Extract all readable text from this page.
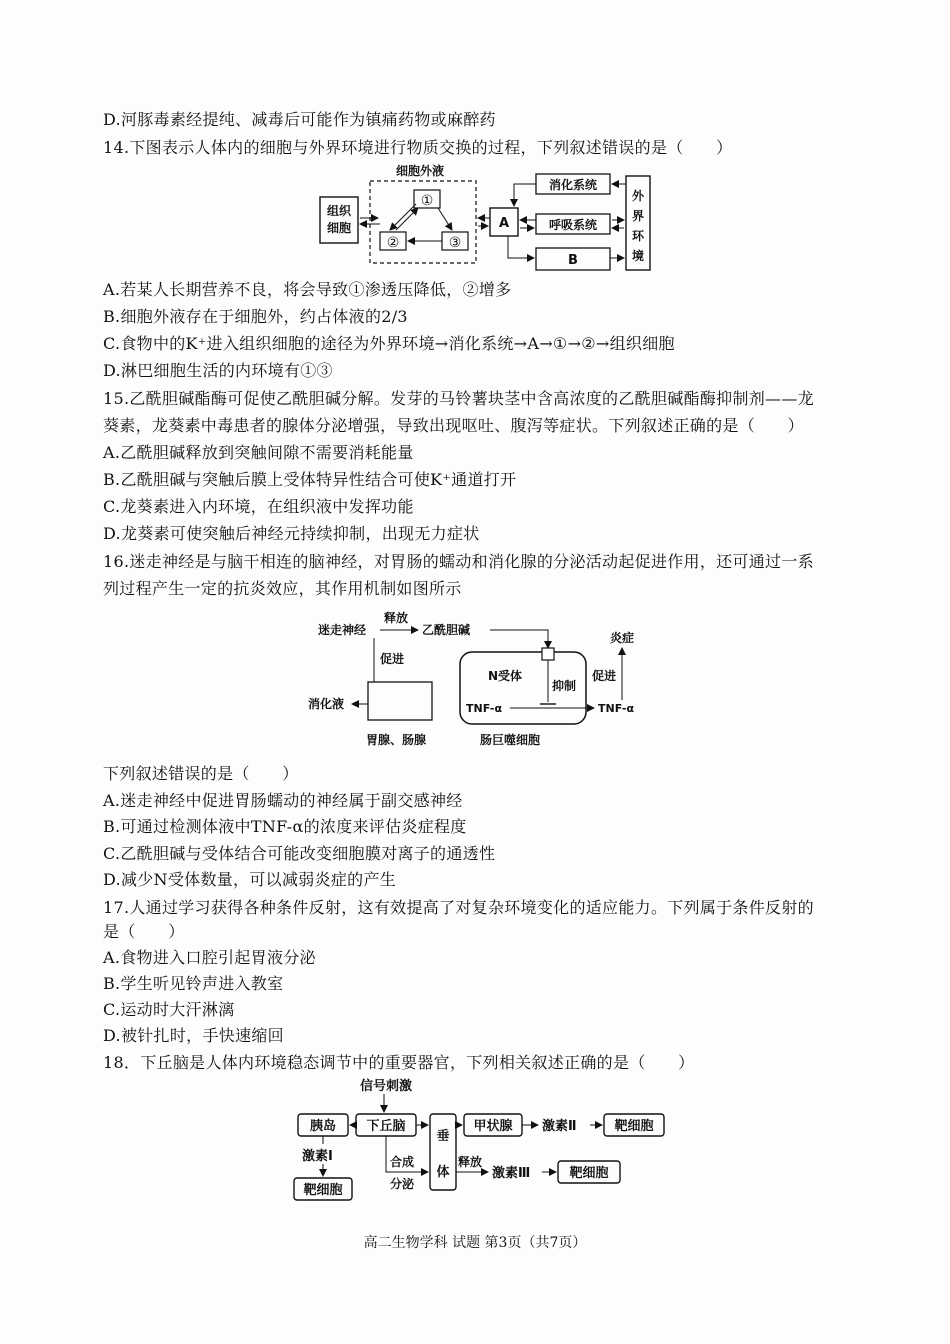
D.河豚毒素经提纯、减毒后可能作为镇痛药物或麻醉药
14.下图表示人体内的细胞与外界环境进行物质交换的过程，下列叙述错误的是（　　）
细胞外液
组织
细胞
①
②	③
A
消化系统
呼吸系统
B
外
界
环
境
A.若某人长期营养不良，将会导致①渗透压降低，②增多
B.细胞外液存在于细胞外，约占体液的2/3
C.食物中的K⁺进入组织细胞的途径为外界环境→消化系统→A→①→②→组织细胞
D.淋巴细胞生活的内环境有①③
15.乙酰胆碱酯酶可促使乙酰胆碱分解。发芽的马铃薯块茎中含高浓度的乙酰胆碱酯酶抑制剂——龙
葵素，龙葵素中毒患者的腺体分泌增强，导致出现呕吐、腹泻等症状。下列叙述正确的是（　　）
A.乙酰胆碱释放到突触间隙不需要消耗能量
B.乙酰胆碱与突触后膜上受体特异性结合可使K⁺通道打开
C.龙葵素进入内环境，在组织液中发挥功能
D.龙葵素可使突触后神经元持续抑制，出现无力症状
16.迷走神经是与脑干相连的脑神经，对胃肠的蠕动和消化腺的分泌活动起促进作用，还可通过一系
列过程产生一定的抗炎效应，其作用机制如图所示
迷走神经
释放
乙酰胆碱
促进
消化液
胃腺、肠腺
N受体
抑制
TNF-α	TNF-α
肠巨噬细胞
促进
炎症
下列叙述错误的是（　　）
A.迷走神经中促进胃肠蠕动的神经属于副交感神经
B.可通过检测体液中TNF-α的浓度来评估炎症程度
C.乙酰胆碱与受体结合可能改变细胞膜对离子的通透性
D.减少N受体数量，可以减弱炎症的产生
17.人通过学习获得各种条件反射，这有效提高了对复杂环境变化的适应能力。下列属于条件反射的
是（　　）
A.食物进入口腔引起胃液分泌
B.学生听见铃声进入教室
C.运动时大汗淋漓
D.被针扎时，手快速缩回
18．下丘脑是人体内环境稳态调节中的重要器官，下列相关叙述正确的是（　　）
信号刺激
胰岛 下丘脑
垂
体
甲状腺 激素Ⅱ	靶细胞
激素Ⅰ
靶细胞
合成
分泌
释放
激素Ⅲ	靶细胞
高二生物学科 试题 第3页（共7页）
